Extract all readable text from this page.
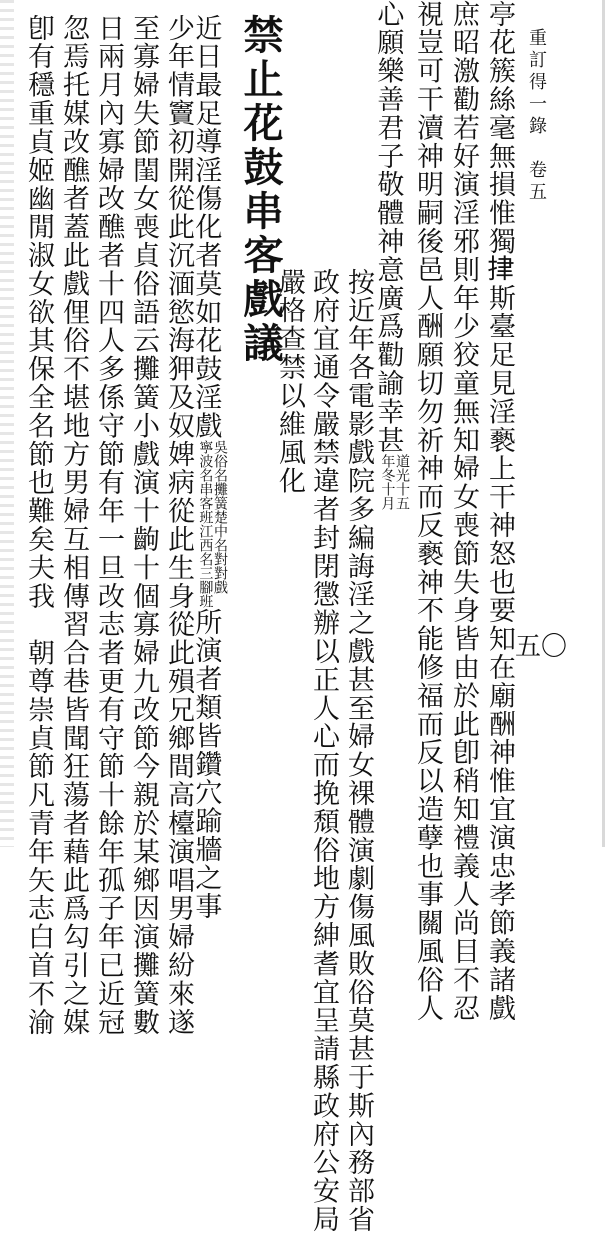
重訂得一錄　卷五
五〇
亭花簇絲毫無損惟獨𢫫斯臺足見淫褻上干神怒也要知在廟酬神惟宜演忠孝節義諸戲
庶昭激勸若好演淫邪則年少狡童無知婦女喪節失身皆由於此卽稍知禮義人尚目不忍
視豈可干瀆神明嗣後邑人酬願切勿祈神而反褻神不能修福而反以造孽也事關風俗人
心願樂善君子敬體神意廣爲勸諭幸甚道光十五
年冬十月
按近年各電影戲院多編誨淫之戲甚至婦女裸體演劇傷風敗俗莫甚于斯內務部省
政府宜通令嚴禁違者封閉懲辦以正人心而挽頹俗地方紳耆宜呈請縣政府公安局
嚴格查禁以維風化
禁止花鼓串客戲議
近日最足導淫傷化者莫如花鼓淫戲吳俗名攤簧楚中名對對戲
寧波名串客班江西名三腳班所演者類皆鑽穴踰牆之事
少年情竇初開從此沉湎慾海狎及奴婢病從此生身從此殞兄鄉間高檯演唱男婦紛來遂
至寡婦失節閨女喪貞俗語云攤簧小戲演十齣十個寡婦九改節今親於某鄉因演攤簧數
日兩月內寡婦改醮者十四人多係守節有年一旦改志者更有守節十餘年孤子年已近冠
忽焉托媒改醮者蓋此戲俚俗不堪地方男婦互相傳習合巷皆聞狂蕩者藉此爲勾引之媒
卽有穩重貞姬幽閒淑女欲其保全名節也難矣夫我　朝尊崇貞節凡青年矢志白首不渝
